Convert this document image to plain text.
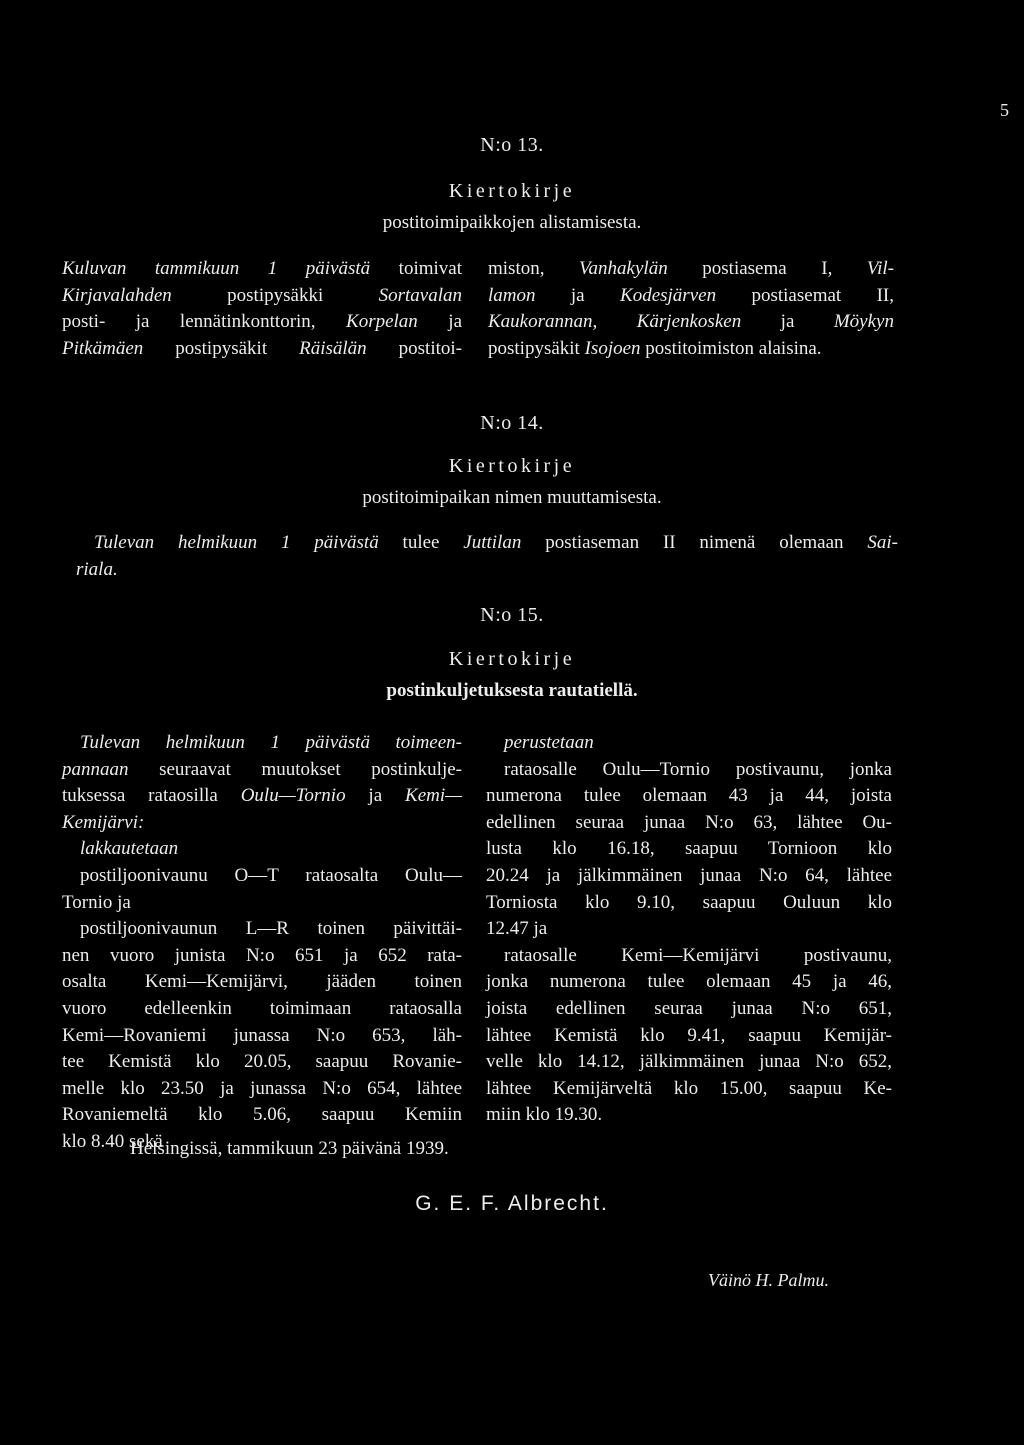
5
N:o 13.
Kiertokirje
postitoimipaikkojen alistamisesta.
Kuluvan tammikuun 1 päivästä toimivat
Kirjavalahden postipysäkki Sortavalan
posti- ja lennätinkonttorin, Korpelan ja
Pitkämäen postipysäkit Räisälän postitoi-
miston, Vanhakylän postiasema I, Vil-
lamon ja Kodesjärven postiasemat II,
Kaukorannan, Kärjenkosken ja Möykyn
postipysäkit Isojoen postitoimiston alaisina.
N:o 14.
Kiertokirje
postitoimipaikan nimen muuttamisesta.
Tulevan helmikuun 1 päivästä tulee Juttilan postiaseman II nimenä olemaan Sai-
riala.
N:o 15.
Kiertokirje
postinkuljetuksesta rautatiellä.
Tulevan helmikuun 1 päivästä toimeen-
pannaan seuraavat muutokset postinkulje-
tuksessa rataosilla Oulu—Tornio ja Kemi—
Kemijärvi:
lakkautetaan
postiljoonivaunu O—T rataosalta Oulu—
Tornio ja
postiljoonivaunun L—R toinen päivittäi-
nen vuoro junista N:o 651 ja 652 rata-
osalta Kemi—Kemijärvi, jääden toinen
vuoro edelleenkin toimimaan rataosalla
Kemi—Rovaniemi junassa N:o 653, läh-
tee Kemistä klo 20.05, saapuu Rovanie-
melle klo 23.50 ja junassa N:o 654, lähtee
Rovaniemeltä klo 5.06, saapuu Kemiin
klo 8.40 sekä
perustetaan
rataosalle Oulu—Tornio postivaunu, jonka
numerona tulee olemaan 43 ja 44, joista
edellinen seuraa junaa N:o 63, lähtee Ou-
lusta klo 16.18, saapuu Tornioon klo
20.24 ja jälkimmäinen junaa N:o 64, lähtee
Torniosta klo 9.10, saapuu Ouluun klo
12.47 ja
rataosalle Kemi—Kemijärvi postivaunu,
jonka numerona tulee olemaan 45 ja 46,
joista edellinen seuraa junaa N:o 651,
lähtee Kemistä klo 9.41, saapuu Kemijär-
velle klo 14.12, jälkimmäinen junaa N:o 652,
lähtee Kemijärveltä klo 15.00, saapuu Ke-
miin klo 19.30.
Helsingissä, tammikuun 23 päivänä 1939.
G. E. F. Albrecht.
Väinö H. Palmu.
